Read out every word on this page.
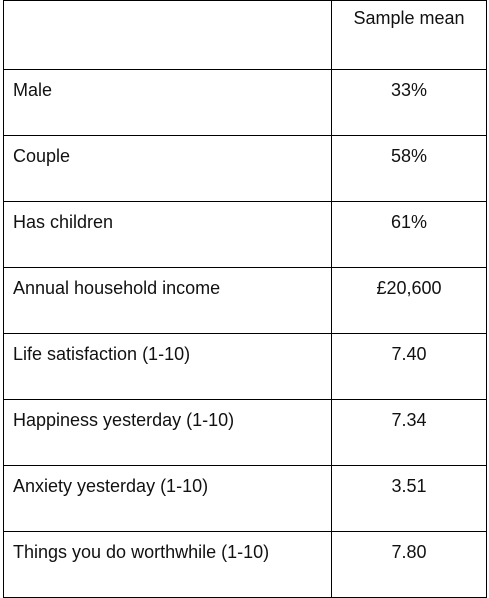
	Sample mean
Male	33%
Couple	58%
Has children	61%
Annual household income	£20,600
Life satisfaction (1-10)	7.40
Happiness yesterday (1-10)	7.34
Anxiety yesterday (1-10)	3.51
Things you do worthwhile (1-10)	7.80
